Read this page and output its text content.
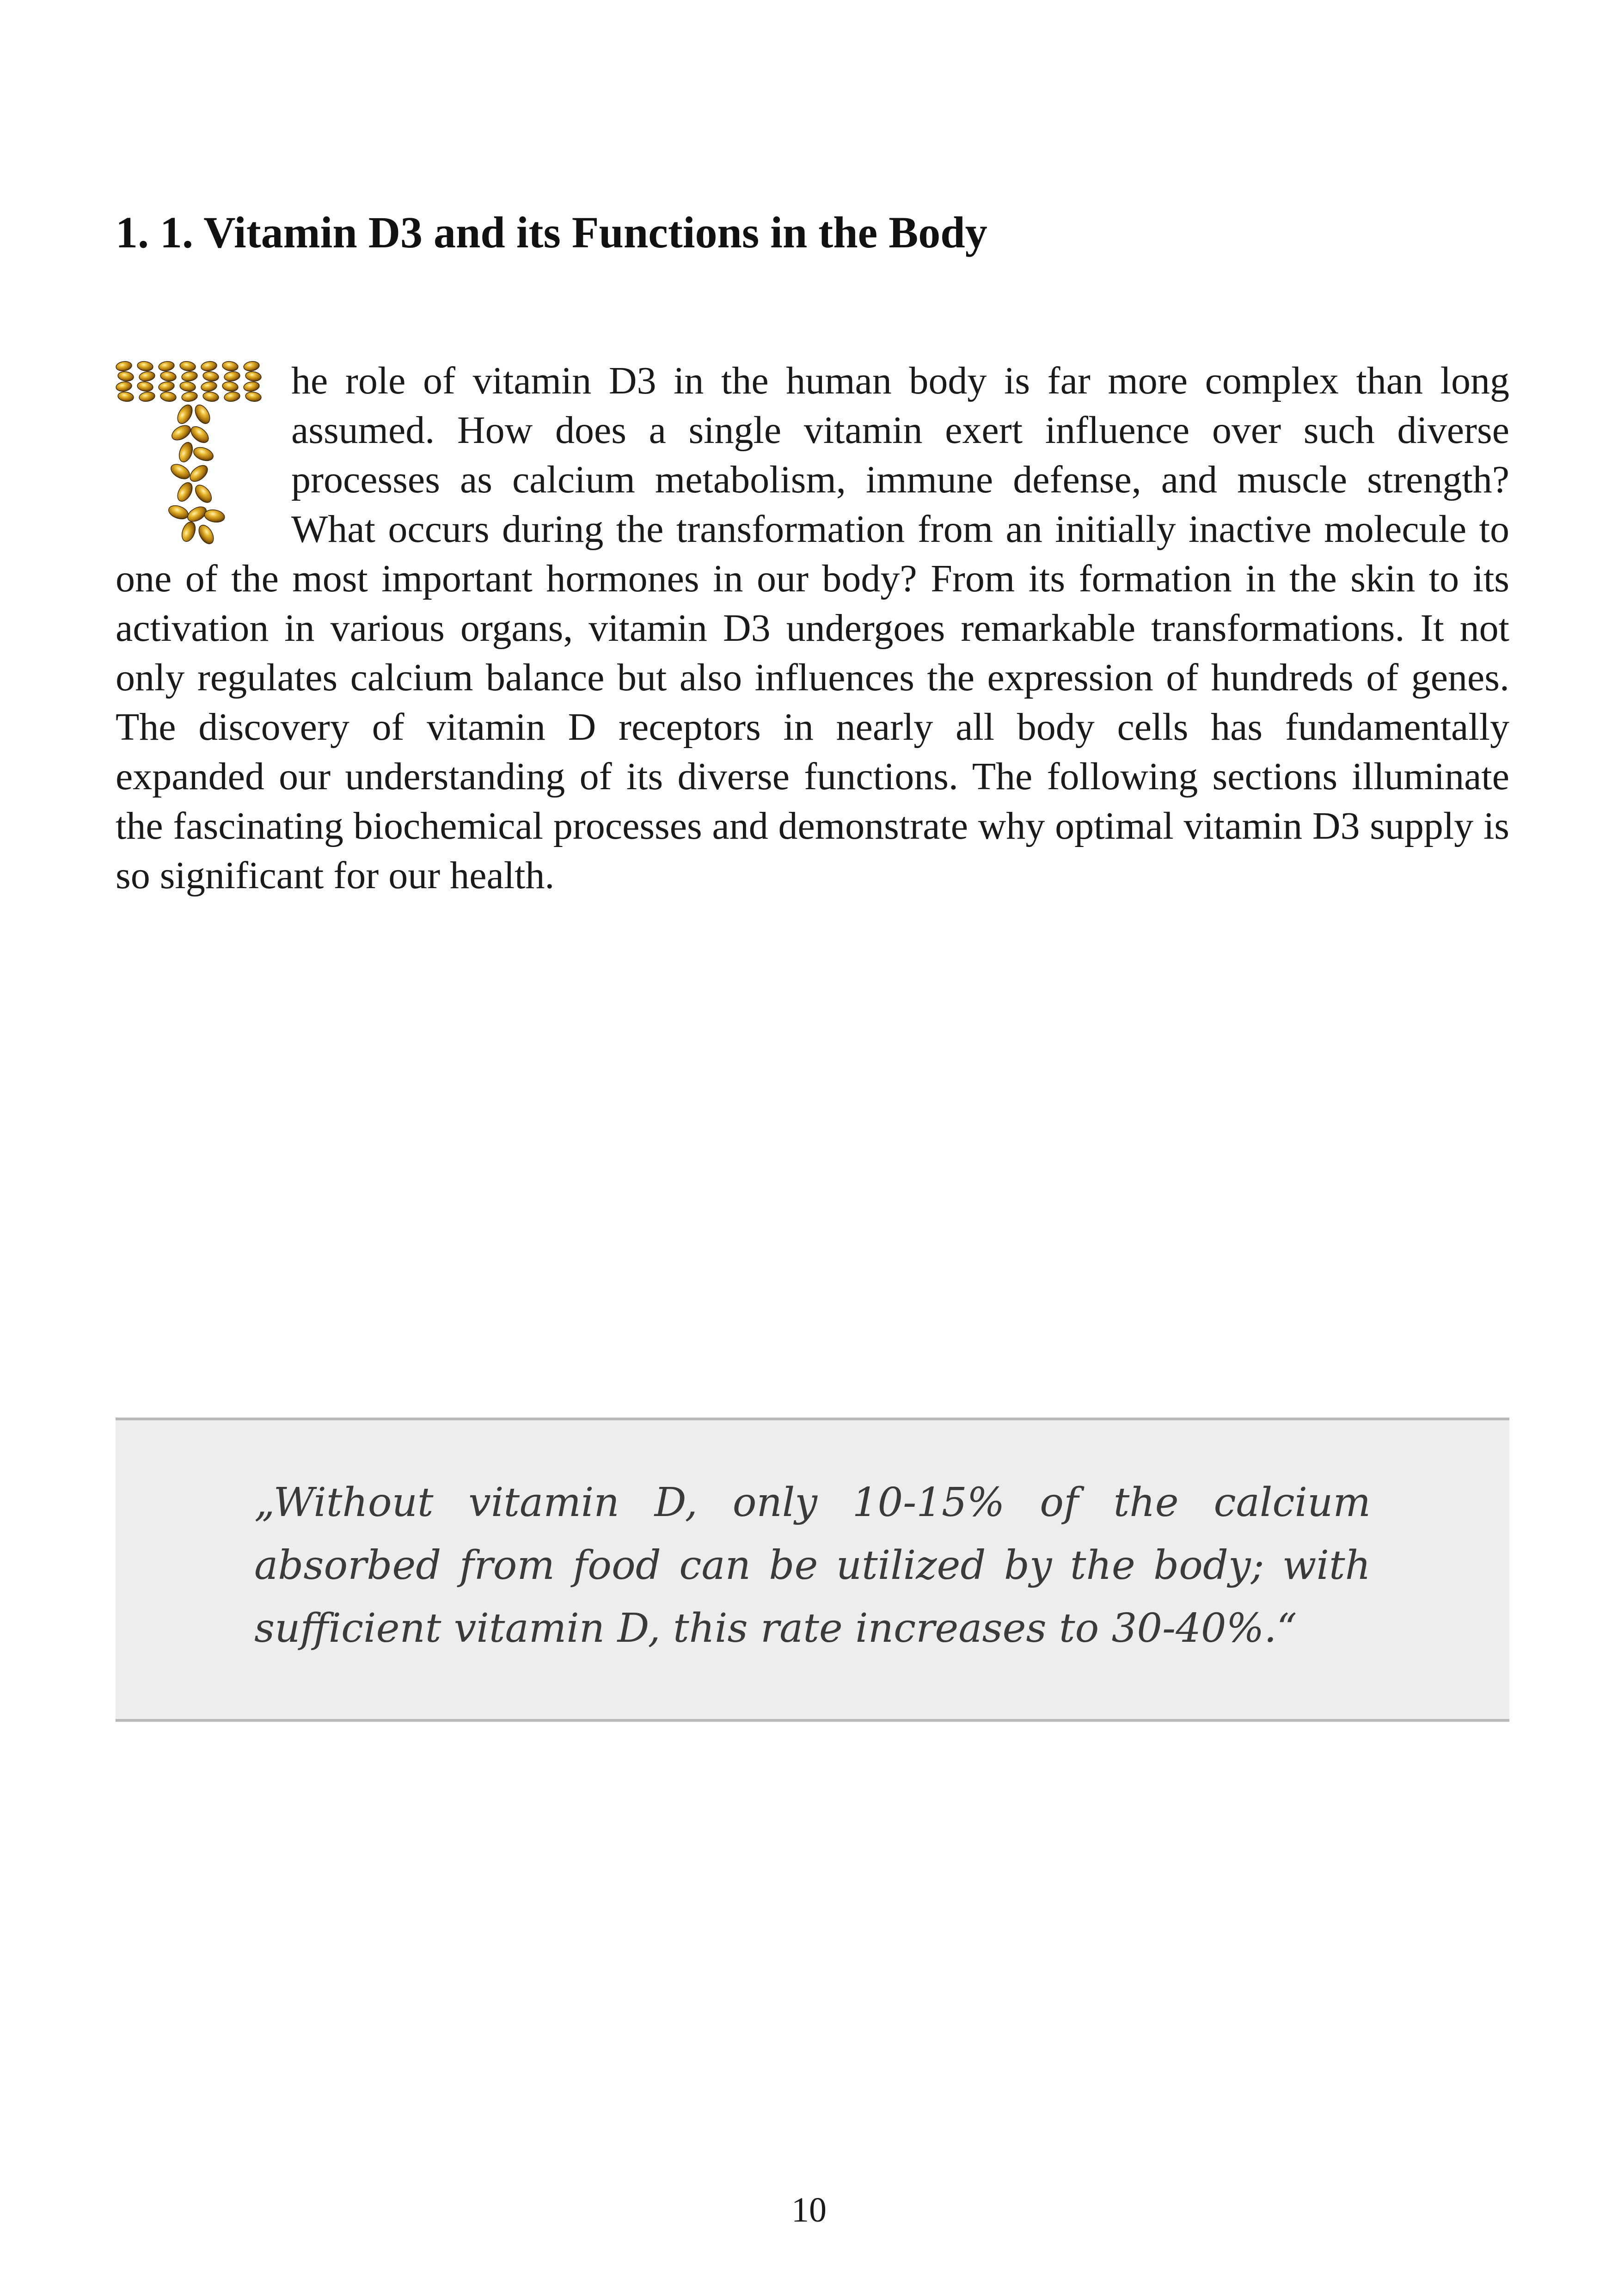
1. 1. Vitamin D3 and its Functions in the Body

he role of vitamin D3 in the human body is far more complex than long assumed. How does a single vitamin exert influence over such diverse processes as calcium metabolism, immune defense, and muscle strength? What occurs during the transformation from an initially inactive molecule to one of the most important hormones in our body? From its formation in the skin to its activation in various organs, vitamin D3 undergoes remarkable transformations. It not only regulates calcium balance but also influences the expression of hundreds of genes. The discovery of vitamin D receptors in nearly all body cells has fundamentally expanded our understanding of its diverse functions. The following sections illuminate the fascinating biochemical processes and demonstrate why optimal vitamin D3 supply is so significant for our health.

„Without vitamin D, only 10-15% of the calcium absorbed from food can be utilized by the body; with sufficient vitamin D, this rate increases to 30-40%.“

10
